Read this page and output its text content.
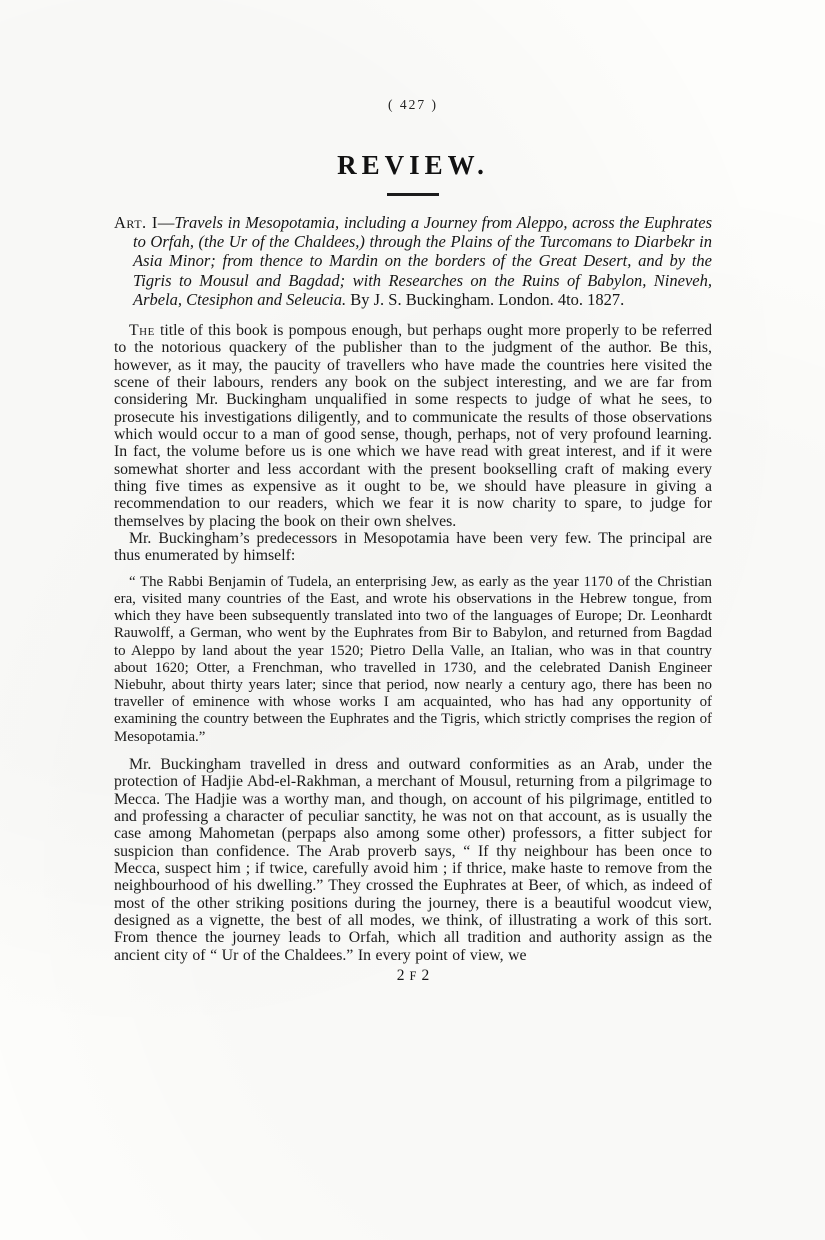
( 427 )
REVIEW.

Art. I—Travels in Mesopotamia, including a Journey from Aleppo, across the Euphrates to Orfah, (the Ur of the Chaldees,) through the Plains of the Turcomans to Diarbekr in Asia Minor; from thence to Mardin on the borders of the Great Desert, and by the Tigris to Mousul and Bagdad; with Researches on the Ruins of Babylon, Nineveh, Arbela, Ctesiphon and Seleucia. By J. S. Buckingham. London. 4to. 1827.

The title of this book is pompous enough, but perhaps ought more properly to be referred to the notorious quackery of the publisher than to the judgment of the author. Be this, however, as it may, the paucity of travellers who have made the countries here visited the scene of their labours, renders any book on the subject interesting, and we are far from considering Mr. Buckingham unqualified in some respects to judge of what he sees, to prosecute his investigations diligently, and to communicate the results of those observations which would occur to a man of good sense, though, perhaps, not of very profound learning. In fact, the volume before us is one which we have read with great interest, and if it were somewhat shorter and less accordant with the present bookselling craft of making every thing five times as expensive as it ought to be, we should have pleasure in giving a recommendation to our readers, which we fear it is now charity to spare, to judge for themselves by placing the book on their own shelves.

Mr. Buckingham’s predecessors in Mesopotamia have been very few. The principal are thus enumerated by himself:

“ The Rabbi Benjamin of Tudela, an enterprising Jew, as early as the year 1170 of the Christian era, visited many countries of the East, and wrote his observations in the Hebrew tongue, from which they have been subsequently translated into two of the languages of Europe; Dr. Leonhardt Rauwolff, a German, who went by the Euphrates from Bir to Babylon, and returned from Bagdad to Aleppo by land about the year 1520; Pietro Della Valle, an Italian, who was in that country about 1620; Otter, a Frenchman, who travelled in 1730, and the celebrated Danish Engineer Niebuhr, about thirty years later; since that period, now nearly a century ago, there has been no traveller of eminence with whose works I am acquainted, who has had any opportunity of examining the country between the Euphrates and the Tigris, which strictly comprises the region of Mesopotamia.”

Mr. Buckingham travelled in dress and outward conformities as an Arab, under the protection of Hadjie Abd-el-Rakhman, a merchant of Mousul, returning from a pilgrimage to Mecca. The Hadjie was a worthy man, and though, on account of his pilgrimage, entitled to and professing a character of peculiar sanctity, he was not on that account, as is usually the case among Mahometan (perpaps also among some other) professors, a fitter subject for suspicion than confidence. The Arab proverb says, “ If thy neighbour has been once to Mecca, suspect him ; if twice, carefully avoid him ; if thrice, make haste to remove from the neighbourhood of his dwelling.” They crossed the Euphrates at Beer, of which, as indeed of most of the other striking positions during the journey, there is a beautiful woodcut view, designed as a vignette, the best of all modes, we think, of illustrating a work of this sort. From thence the journey leads to Orfah, which all tradition and authority assign as the ancient city of “ Ur of the Chaldees.” In every point of view, we

2 F 2
